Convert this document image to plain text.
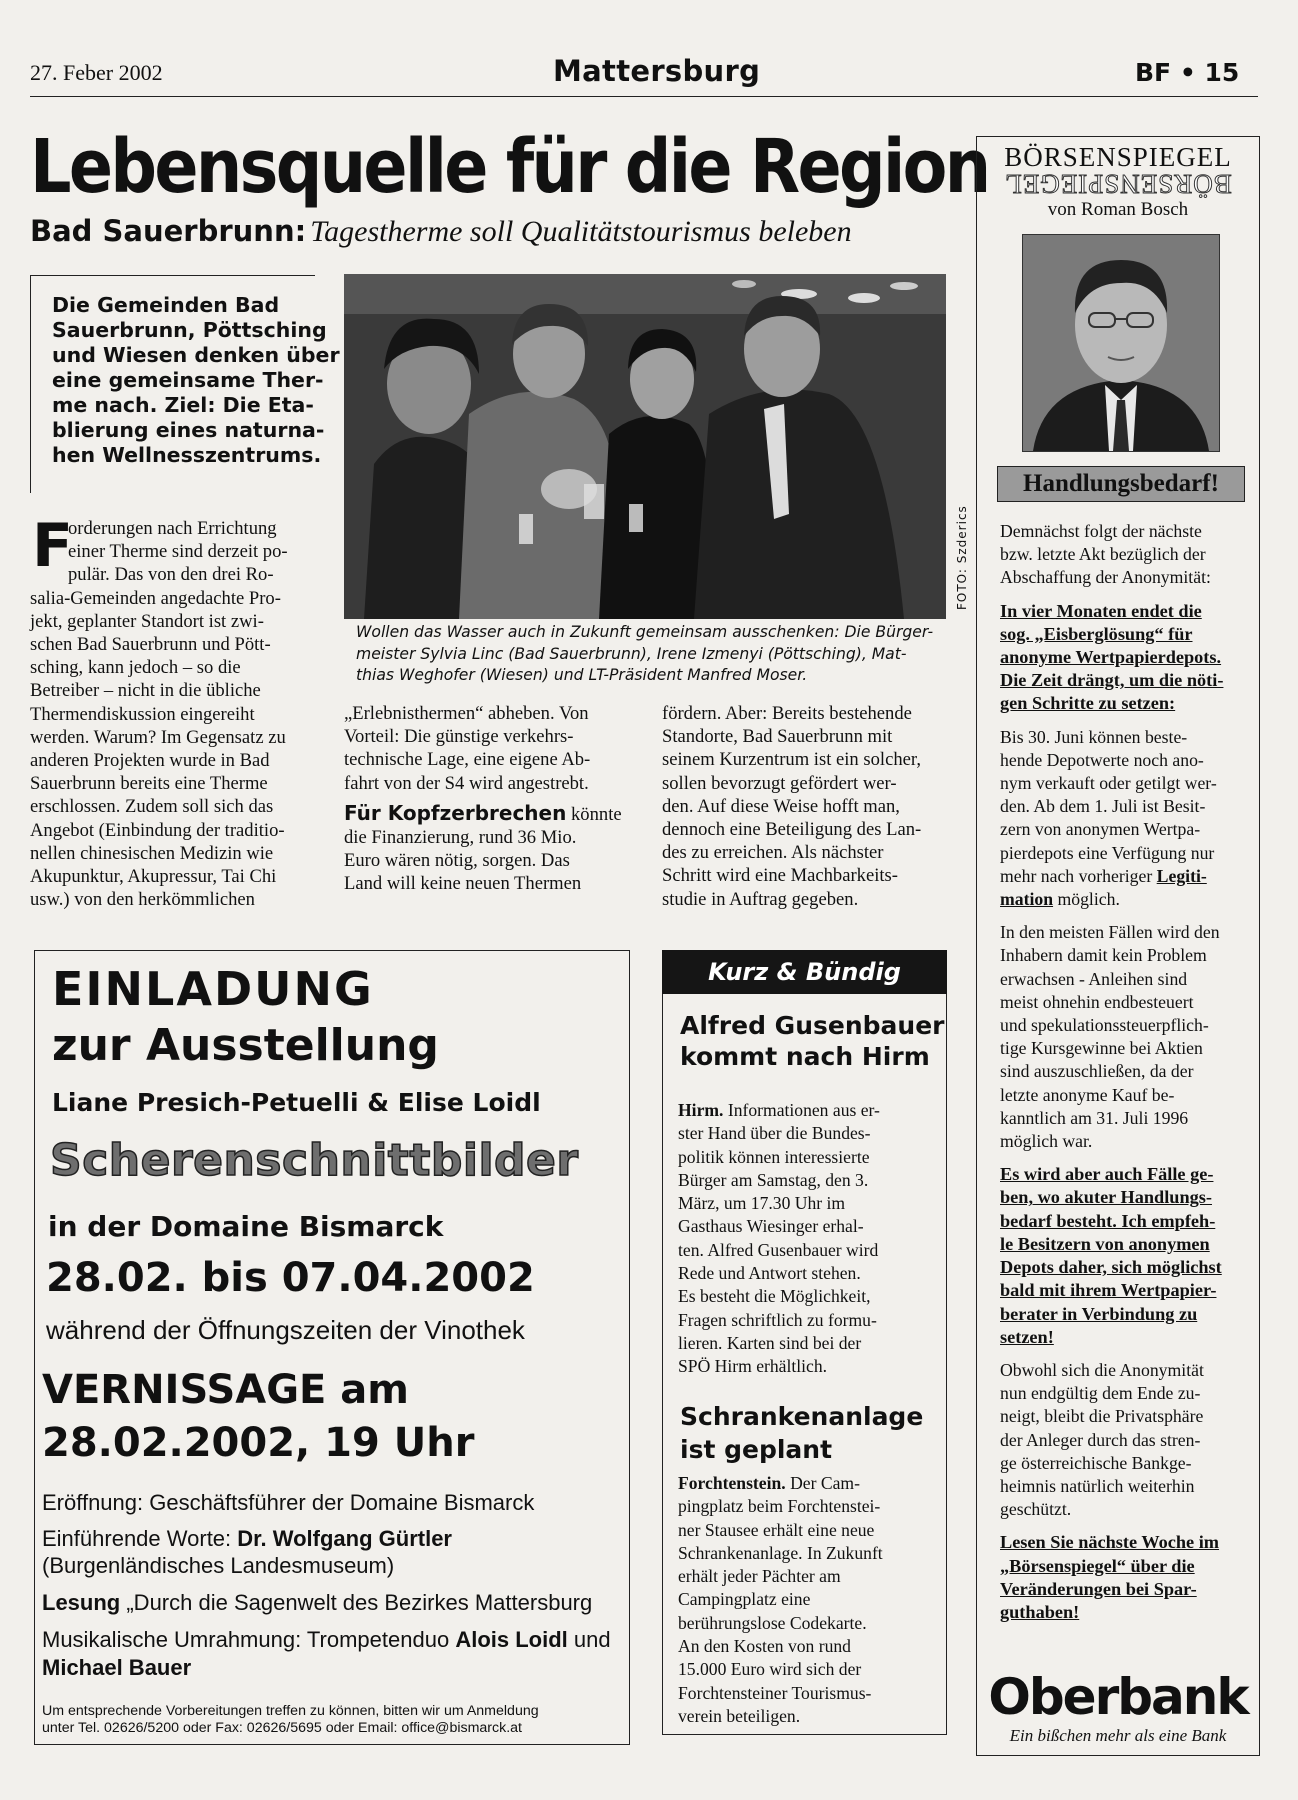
27. Feber 2002	Mattersburg	BF • 15
Lebensquelle für die Region
Bad Sauerbrunn: Tagestherme soll Qualitätstourismus beleben
Die Gemeinden Bad
Sauerbrunn, Pöttsching
und Wiesen denken über
eine gemeinsame Ther-
me nach. Ziel: Die Eta-
blierung eines naturna-
hen Wellnesszentrums.
FOTO: Szderics
Wollen das Wasser auch in Zukunft gemeinsam ausschenken: Die Bürger-
meister Sylvia Linc (Bad Sauerbrunn), Irene Izmenyi (Pöttsching), Mat-
thias Weghofer (Wiesen) und LT-Präsident Manfred Moser.
F
orderungen nach Errichtung
einer Therme sind derzeit po-
pulär. Das von den drei Ro-
salia-Gemeinden angedachte Pro-
jekt, geplanter Standort ist zwi-
schen Bad Sauerbrunn und Pött-
sching, kann jedoch – so die
Betreiber – nicht in die übliche
Thermendiskussion eingereiht
werden. Warum? Im Gegensatz zu
anderen Projekten wurde in Bad
Sauerbrunn bereits eine Therme
erschlossen. Zudem soll sich das
Angebot (Einbindung der traditio-
nellen chinesischen Medizin wie
Akupunktur, Akupressur, Tai Chi
usw.) von den herkömmlichen
„Erlebnisthermen“ abheben. Von
Vorteil: Die günstige verkehrs-
technische Lage, eine eigene Ab-
fahrt von der S4 wird angestrebt.
Für Kopfzerbrechen könnte
die Finanzierung, rund 36 Mio.
Euro wären nötig, sorgen. Das
Land will keine neuen Thermen
fördern. Aber: Bereits bestehende
Standorte, Bad Sauerbrunn mit
seinem Kurzentrum ist ein solcher,
sollen bevorzugt gefördert wer-
den. Auf diese Weise hofft man,
dennoch eine Beteiligung des Lan-
des zu erreichen. Als nächster
Schritt wird eine Machbarkeits-
studie in Auftrag gegeben.
EINLADUNG
zur Ausstellung
Liane Presich-Petuelli & Elise Loidl
Scherenschnittbilder
in der Domaine Bismarck
28.02. bis 07.04.2002
während der Öffnungszeiten der Vinothek
VERNISSAGE am
28.02.2002, 19 Uhr
Eröffnung: Geschäftsführer der Domaine Bismarck
Einführende Worte: Dr. Wolfgang Gürtler
(Burgenländisches Landesmuseum)
Lesung „Durch die Sagenwelt des Bezirkes Mattersburg
Musikalische Umrahmung: Trompetenduo Alois Loidl und
Michael Bauer
Um entsprechende Vorbereitungen treffen zu können, bitten wir um Anmeldung
unter Tel. 02626/5200 oder Fax: 02626/5695 oder Email: office@bismarck.at
Kurz & Bündig
Alfred Gusenbauer
kommt nach Hirm
Hirm. Informationen aus er-
ster Hand über die Bundes-
politik können interessierte
Bürger am Samstag, den 3.
März, um 17.30 Uhr im
Gasthaus Wiesinger erhal-
ten. Alfred Gusenbauer wird
Rede und Antwort stehen.
Es besteht die Möglichkeit,
Fragen schriftlich zu formu-
lieren. Karten sind bei der
SPÖ Hirm erhältlich.
Schrankenanlage
ist geplant
Forchtenstein. Der Cam-
pingplatz beim Forchtenstei-
ner Stausee erhält eine neue
Schrankenanlage. In Zukunft
erhält jeder Pächter am
Campingplatz eine
berührungslose Codekarte.
An den Kosten von rund
15.000 Euro wird sich der
Forchtensteiner Tourismus-
verein beteiligen.
BÖRSENSPIEGEL
BÖRSENSPIEGEL
von Roman Bosch
Handlungsbedarf!
Demnächst folgt der nächste
bzw. letzte Akt bezüglich der
Abschaffung der Anonymität:
In vier Monaten endet die
sog. „Eisberglösung“ für
anonyme Wertpapierdepots.
Die Zeit drängt, um die nöti-
gen Schritte zu setzen:
Bis 30. Juni können beste-
hende Depotwerte noch ano-
nym verkauft oder getilgt wer-
den. Ab dem 1. Juli ist Besit-
zern von anonymen Wertpa-
pierdepots eine Verfügung nur
mehr nach vorheriger Legiti-
mation möglich.
In den meisten Fällen wird den
Inhabern damit kein Problem
erwachsen - Anleihen sind
meist ohnehin endbesteuert
und spekulationssteuerpflich-
tige Kursgewinne bei Aktien
sind auszuschließen, da der
letzte anonyme Kauf be-
kanntlich am 31. Juli 1996
möglich war.
Es wird aber auch Fälle ge-
ben, wo akuter Handlungs-
bedarf besteht. Ich empfeh-
le Besitzern von anonymen
Depots daher, sich möglichst
bald mit ihrem Wertpapier-
berater in Verbindung zu
setzen!
Obwohl sich die Anonymität
nun endgültig dem Ende zu-
neigt, bleibt die Privatsphäre
der Anleger durch das stren-
ge österreichische Bankge-
heimnis natürlich weiterhin
geschützt.
Lesen Sie nächste Woche im
„Börsenspiegel“ über die
Veränderungen bei Spar-
guthaben!
Oberbank
Ein bißchen mehr als eine Bank
